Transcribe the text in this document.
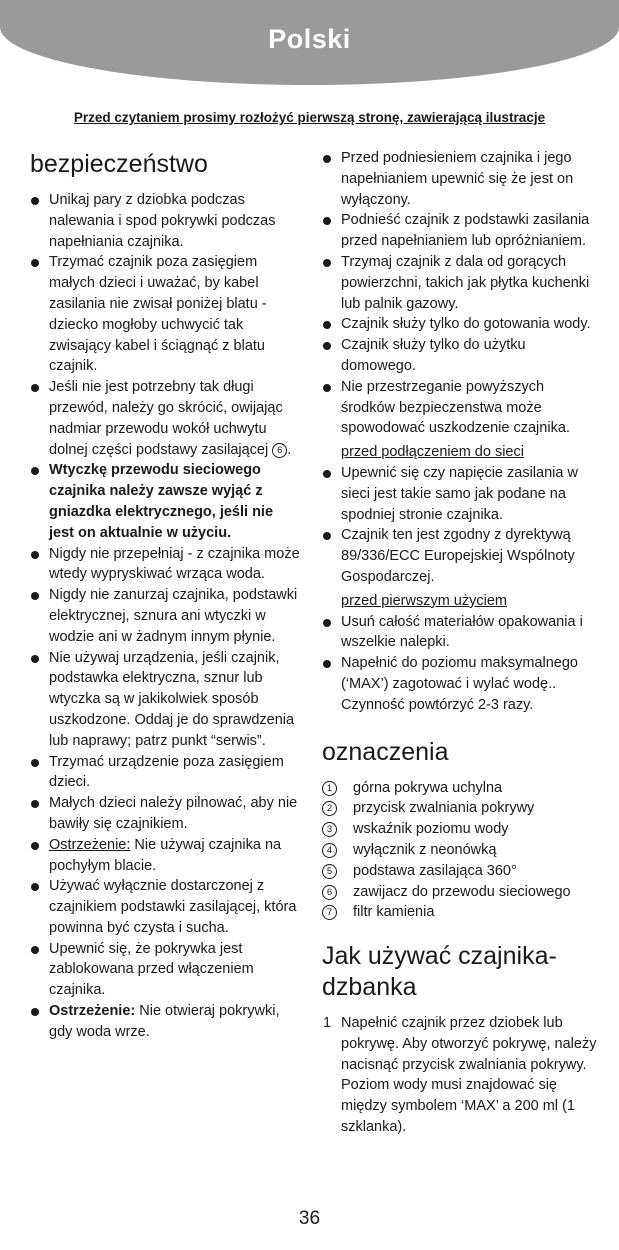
Polski
Przed czytaniem prosimy rozłożyć pierwszą stronę, zawierającą ilustracje
bezpieczeństwo
Unikaj pary z dziobka podczas nalewania i spod pokrywki podczas napełniania czajnika.
Trzymać czajnik poza zasięgiem małych dzieci i uważać, by kabel zasilania nie zwisał poniżej blatu - dziecko mogłoby uchwycić tak zwisający kabel i ściągnąć z blatu czajnik.
Jeśli nie jest potrzebny tak długi przewód, należy go skrócić, owijając nadmiar przewodu wokół uchwytu dolnej części podstawy zasilającej 6 .
Wtyczkę przewodu sieciowego czajnika należy zawsze wyjąć z gniazdka elektrycznego, jeśli nie jest on aktualnie w użyciu.
Nigdy nie przepełniaj - z czajnika może wtedy wypryskiwać wrząca woda.
Nigdy nie zanurzaj czajnika, podstawki elektrycznej, sznura ani wtyczki w wodzie ani w żadnym innym płynie.
Nie używaj urządzenia, jeśli czajnik, podstawka elektryczna, sznur lub wtyczka są w jakikolwiek sposób uszkodzone. Oddaj je do sprawdzenia lub naprawy; patrz punkt “serwis”.
Trzymać urządzenie poza zasięgiem dzieci.
Małych dzieci należy pilnować, aby nie bawiły się czajnikiem.
Ostrzeżenie: Nie używaj czajnika na pochyłym blacie.
Używać wyłącznie dostarczonej z czajnikiem podstawki zasilającej, która powinna być czysta i sucha.
Upewnić się, że pokrywka jest zablokowana przed włączeniem czajnika.
Ostrzeżenie: Nie otwieraj pokrywki, gdy woda wrze.
Przed podniesieniem czajnika i jego napełnianiem upewnić się że jest on wyłączony.
Podnieść czajnik z podstawki zasilania przed napełnianiem lub opróżnianiem.
Trzymaj czajnik z dala od gorących powierzchni, takich jak płytka kuchenki lub palnik gazowy.
Czajnik służy tylko do gotowania wody.
Czajnik służy tylko do użytku domowego.
Nie przestrzeganie powyższych środków bezpieczenstwa może spowodować uszkodzenie czajnika.
przed podłączeniem do sieci
Upewnić się czy napięcie zasilania w sieci jest takie samo jak podane na spodniej stronie czajnika.
Czajnik ten jest zgodny z dyrektywą 89/336/ECC Europejskiej Wspólnoty Gospodarczej.
przed pierwszym użyciem
Usuń całość materiałów opakowania i wszelkie nalepki.
Napełnić do poziomu maksymalnego (‘MAX’) zagotować i wylać wodę.. Czynność powtórzyć 2-3 razy.
oznaczenia
1	górna pokrywa uchylna
2	przycisk zwalniania pokrywy
3	wskaźnik poziomu wody
4	wyłącznik z neonówką
5	podstawa zasilająca 360°
6	zawijacz do przewodu sieciowego
7	filtr kamienia
Jak używać czajnika-
dzbanka
1 Napełnić czajnik przez dziobek lub pokrywę. Aby otworzyć pokrywę, należy nacisnąć przycisk zwalniania pokrywy. Poziom wody musi znajdować się między symbolem ‘MAX’ a 200 ml (1 szklanka).
36
